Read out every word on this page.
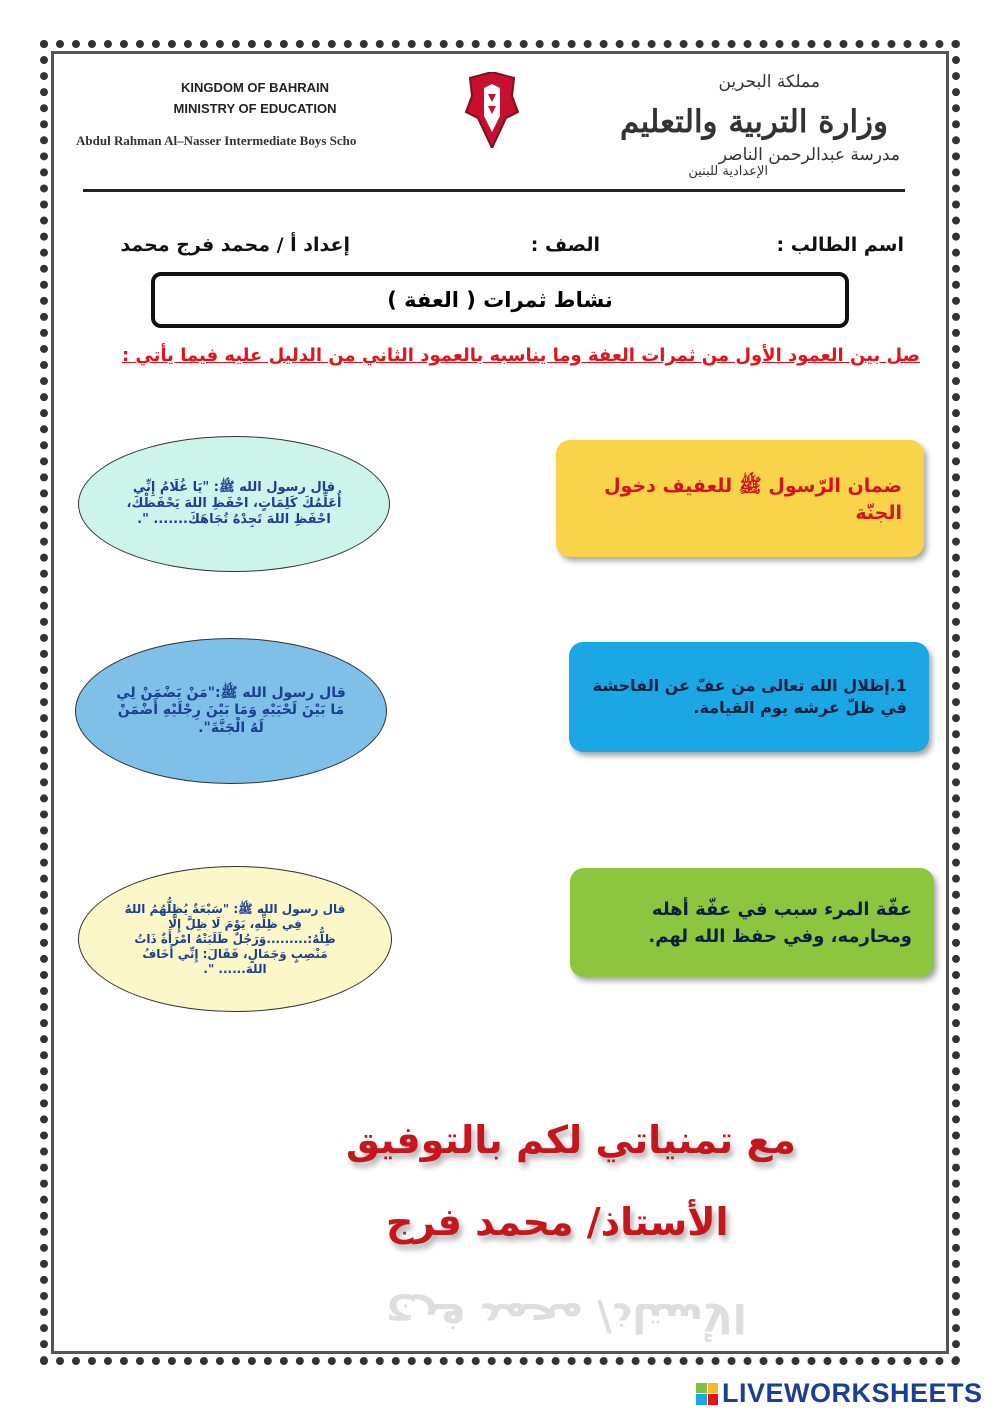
KINGDOM OF BAHRAIN
MINISTRY OF EDUCATION
Abdul Rahman Al–Nasser Intermediate Boys Scho
مملكة البحرين
وزارة التربية والتعليم
مدرسة عبدالرحمن الناصر
الإعدادية للبنين
اسم الطالب :
الصف :
إعداد أ / محمد فرج محمد
نشاط ثمرات ( العفة )
صل بين العمود الأول من ثمرات العفة وما يناسبه بالعمود الثاني من الدليل عليه فيما يأتي :
ضمان الرّسول ﷺ للعفيف دخول الجنّة
1.إظلال الله تعالى من عفّ عن الفاحشة في ظلّ عرشه يوم القيامة.
عفّة المرء سبب في عفّة أهله ومحارمه، وفي حفظ الله لهم.
قال رسول الله ﷺ: "يَا غُلَامُ إِنِّي أُعَلِّمُكَ كَلِمَاتٍ، احْفَظِ اللهَ يَحْفَظْكَ، احْفَظِ اللهَ تَجِدْهُ تُجَاهَكَ....... ".
قال رسول الله ﷺ:"مَنْ يَضْمَنْ لِي مَا بَيْنَ لَحْيَيْهِ وَمَا بَيْنَ رِجْلَيْهِ أَضْمَنْ لَهُ الْجَنَّةَ".
قال رسول الله ﷺ: "سَبْعَةٌ يُظِلُّهُمُ اللهُ فِي ظِلِّهِ، يَوْمَ لَا ظِلَّ إِلَّا ظِلُّهُ:.........وَرَجُلٌ طَلَبَتْهُ امْرَأَةٌ ذَاتُ مَنْصِبٍ وَجَمَالٍ، فَقَالَ: إِنِّي أَخَافُ اللهَ...... ".
مع تمنياتي لكم بالتوفيق
الأستاذ/ محمد فرج
الأستاذ/ محمد فرج
LIVEWORKSHEETS
